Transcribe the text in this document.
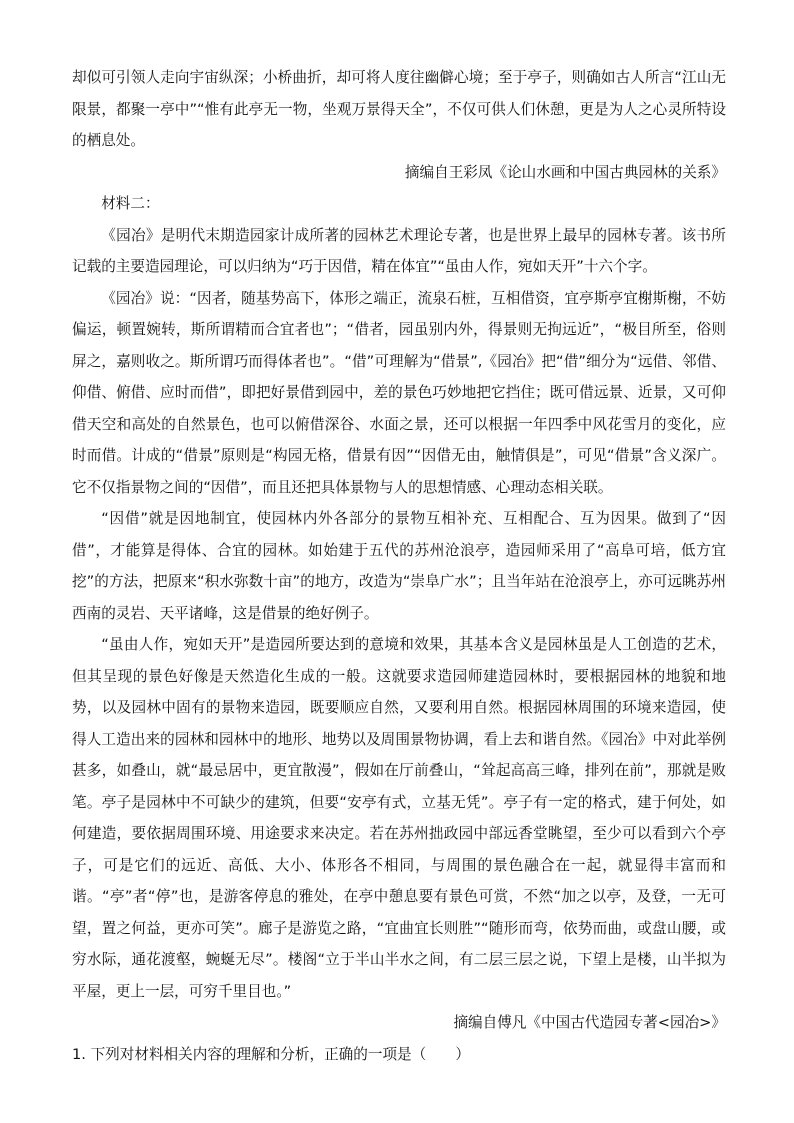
却似可引领人走向宇宙纵深；小桥曲折，却可将人度往幽僻心境；至于亭子，则确如古人所言“江山无限景，都聚一亭中”“惟有此亭无一物，坐观万景得天全”，不仅可供人们休憩，更是为人之心灵所特设的栖息处。

摘编自王彩凤《论山水画和中国古典园林的关系》

材料二：

《园冶》是明代末期造园家计成所著的园林艺术理论专著，也是世界上最早的园林专著。该书所记载的主要造园理论，可以归纳为“巧于因借，精在体宜”“虽由人作，宛如天开”十六个字。

《园冶》说：“因者，随基势高下，体形之端正，流泉石桩，互相借资，宜亭斯亭宜榭斯榭，不妨偏运，顿置婉转，斯所谓精而合宜者也”；“借者，园虽别内外，得景则无拘远近”，“极目所至，俗则屏之，嘉则收之。斯所谓巧而得体者也”。“借”可理解为“借景”,《园冶》把“借”细分为“远借、邻借、仰借、俯借、应时而借”，即把好景借到园中，差的景色巧妙地把它挡住；既可借远景、近景，又可仰借天空和高处的自然景色，也可以俯借深谷、水面之景，还可以根据一年四季中风花雪月的变化，应时而借。计成的“借景”原则是“构园无格，借景有因”“因借无由，触情俱是”，可见“借景”含义深广。它不仅指景物之间的“因借”，而且还把具体景物与人的思想情感、心理动态相关联。

“因借”就是因地制宜，使园林内外各部分的景物互相补充、互相配合、互为因果。做到了“因借”，才能算是得体、合宜的园林。如始建于五代的苏州沧浪亭，造园师采用了“高阜可培，低方宜挖”的方法，把原来“积水弥数十亩”的地方，改造为“崇阜广水”；且当年站在沧浪亭上，亦可远眺苏州西南的灵岩、天平诸峰，这是借景的绝好例子。

“虽由人作，宛如天开”是造园所要达到的意境和效果，其基本含义是园林虽是人工创造的艺术，但其呈现的景色好像是天然造化生成的一般。这就要求造园师建造园林时，要根据园林的地貌和地势，以及园林中固有的景物来造园，既要顺应自然，又要利用自然。根据园林周围的环境来造园，使得人工造出来的园林和园林中的地形、地势以及周围景物协调，看上去和谐自然。《园冶》中对此举例甚多，如叠山，就“最忌居中，更宜散漫”，假如在厅前叠山，“耸起高高三峰，排列在前”，那就是败笔。亭子是园林中不可缺少的建筑，但要“安亭有式，立基无凭”。亭子有一定的格式，建于何处，如何建造，要依据周围环境、用途要求来决定。若在苏州拙政园中部远香堂眺望，至少可以看到六个亭子，可是它们的远近、高低、大小、体形各不相同，与周围的景色融合在一起，就显得丰富而和谐。“亭”者“停”也，是游客停息的雅处，在亭中憩息要有景色可赏，不然“加之以亭，及登，一无可望，置之何益，更亦可笑”。廊子是游览之路，“宜曲宜长则胜”“随形而弯，依势而曲，或盘山腰，或穷水际，通花渡壑，蜿蜒无尽”。楼阁“立于半山半水之间，有二层三层之说，下望上是楼，山半拟为平屋，更上一层，可穷千里目也。”

摘编自傅凡《中国古代造园专著<园冶>》

1. 下列对材料相关内容的理解和分析，正确的一项是（　　）
